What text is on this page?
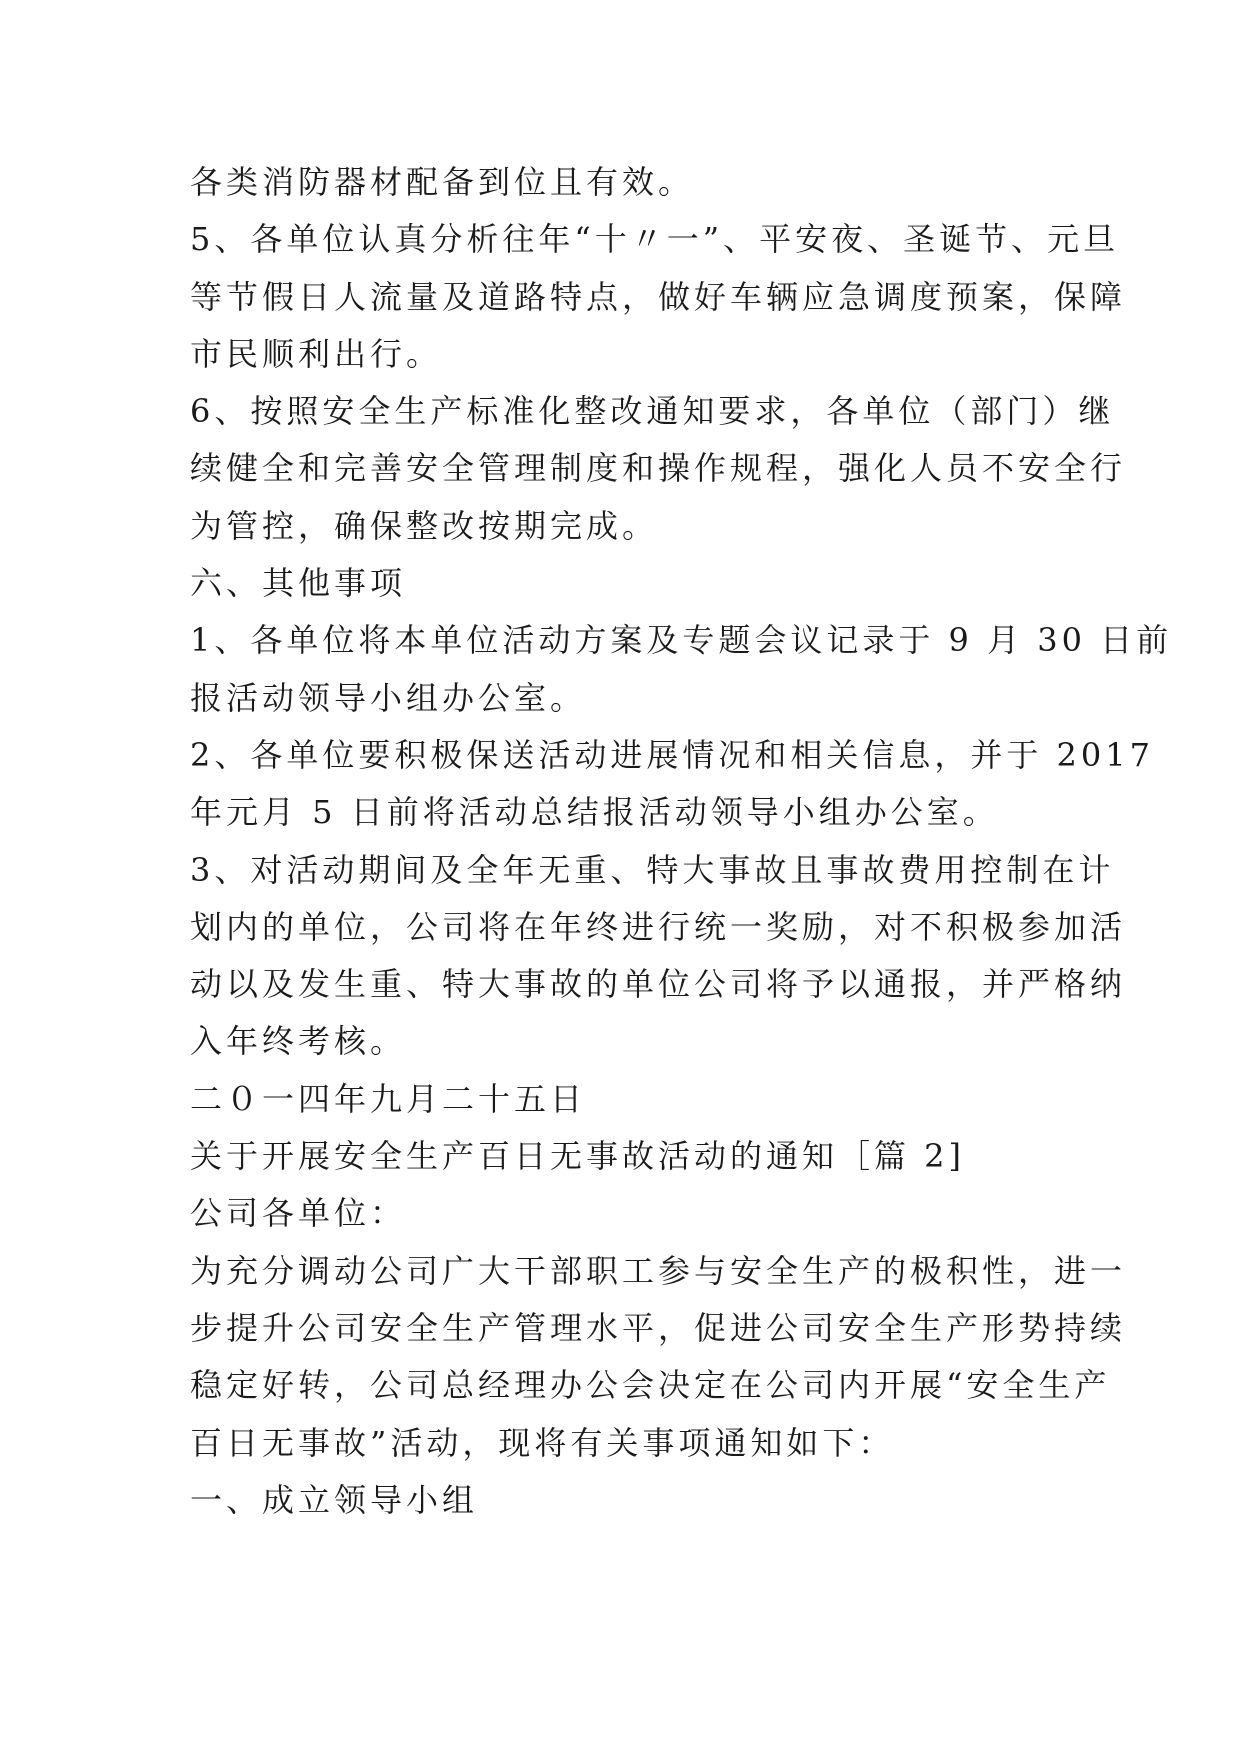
各类消防器材配备到位且有效。
5、各单位认真分析往年“十〃一”、平安夜、圣诞节、元旦
等节假日人流量及道路特点，做好车辆应急调度预案，保障
市民顺利出行。
6、按照安全生产标准化整改通知要求，各单位（部门）继
续健全和完善安全管理制度和操作规程，强化人员不安全行
为管控，确保整改按期完成。
六、其他事项
1、各单位将本单位活动方案及专题会议记录于 9 月 30 日前
报活动领导小组办公室。
2、各单位要积极保送活动进展情况和相关信息，并于 2017
年元月 5 日前将活动总结报活动领导小组办公室。
3、对活动期间及全年无重、特大事故且事故费用控制在计
划内的单位，公司将在年终进行统一奖励，对不积极参加活
动以及发生重、特大事故的单位公司将予以通报，并严格纳
入年终考核。
二０一四年九月二十五日
关于开展安全生产百日无事故活动的通知［篇 2]
公司各单位：
为充分调动公司广大干部职工参与安全生产的极积性，进一
步提升公司安全生产管理水平，促进公司安全生产形势持续
稳定好转，公司总经理办公会决定在公司内开展“安全生产
百日无事故”活动，现将有关事项通知如下：
一、成立领导小组
